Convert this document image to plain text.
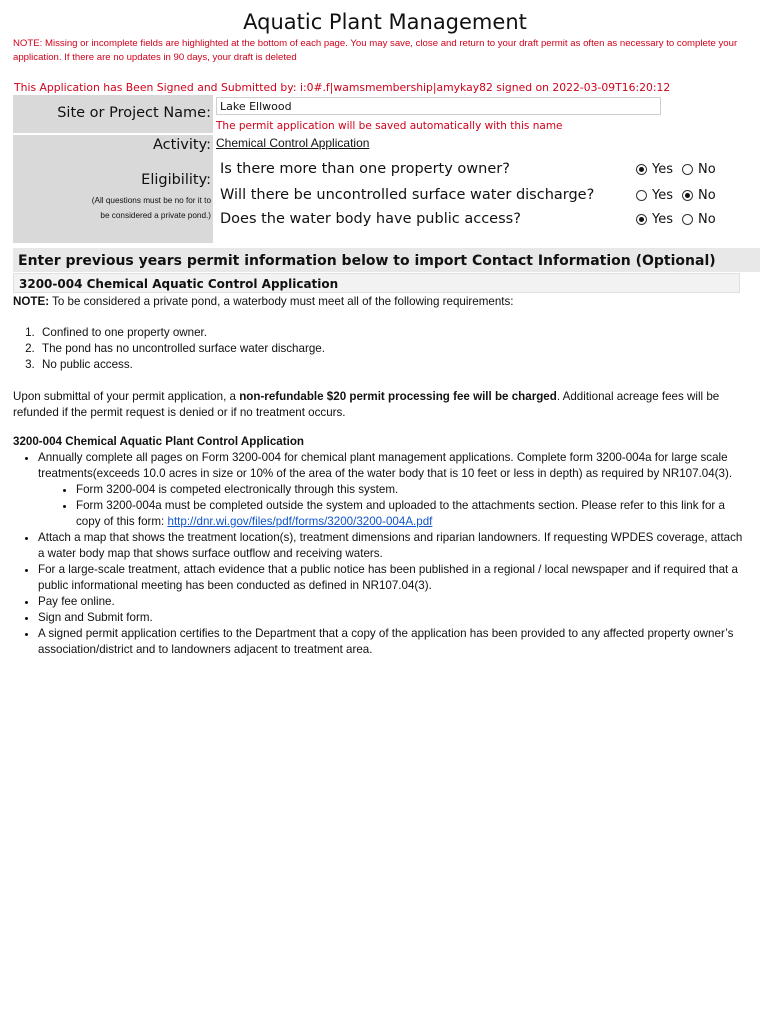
Aquatic Plant Management
NOTE: Missing or incomplete fields are highlighted at the bottom of each page. You may save, close and return to your draft permit as often as necessary to complete your application. If there are no updates in 90 days, your draft is deleted
This Application has Been Signed and Submitted by: i:0#.f|wamsmembership|amykay82 signed on 2022-03-09T16:20:12
Site or Project Name: Lake Ellwood
The permit application will be saved automatically with this name
Activity: Chemical Control Application
Eligibility:
(All questions must be no for it to
be considered a private pond.)
Is there more than one property owner?
Will there be uncontrolled surface water discharge?
Does the water body have public access?
Yes No
Yes No
Yes No
Enter previous years permit information below to import Contact Information (Optional)
3200-004 Chemical Aquatic Control Application
NOTE: To be considered a private pond, a waterbody must meet all of the following requirements:
1. Confined to one property owner.
2. The pond has no uncontrolled surface water discharge.
3. No public access.
Upon submittal of your permit application, a non-refundable $20 permit processing fee will be charged. Additional acreage fees will be refunded if the permit request is denied or if no treatment occurs.
3200-004 Chemical Aquatic Plant Control Application
• Annually complete all pages on Form 3200-004 for chemical plant management applications. Complete form 3200-004a for large scale treatments(exceeds 10.0 acres in size or 10% of the area of the water body that is 10 feet or less in depth) as required by NR107.04(3).
• Form 3200-004 is competed electronically through this system.
• Form 3200-004a must be completed outside the system and uploaded to the attachments section. Please refer to this link for a copy of this form: http://dnr.wi.gov/files/pdf/forms/3200/3200-004A.pdf
• Attach a map that shows the treatment location(s), treatment dimensions and riparian landowners. If requesting WPDES coverage, attach a water body map that shows surface outflow and receiving waters.
• For a large-scale treatment, attach evidence that a public notice has been published in a regional / local newspaper and if required that a public informational meeting has been conducted as defined in NR107.04(3).
• Pay fee online.
• Sign and Submit form.
• A signed permit application certifies to the Department that a copy of the application has been provided to any affected property owner’s association/district and to landowners adjacent to treatment area.
